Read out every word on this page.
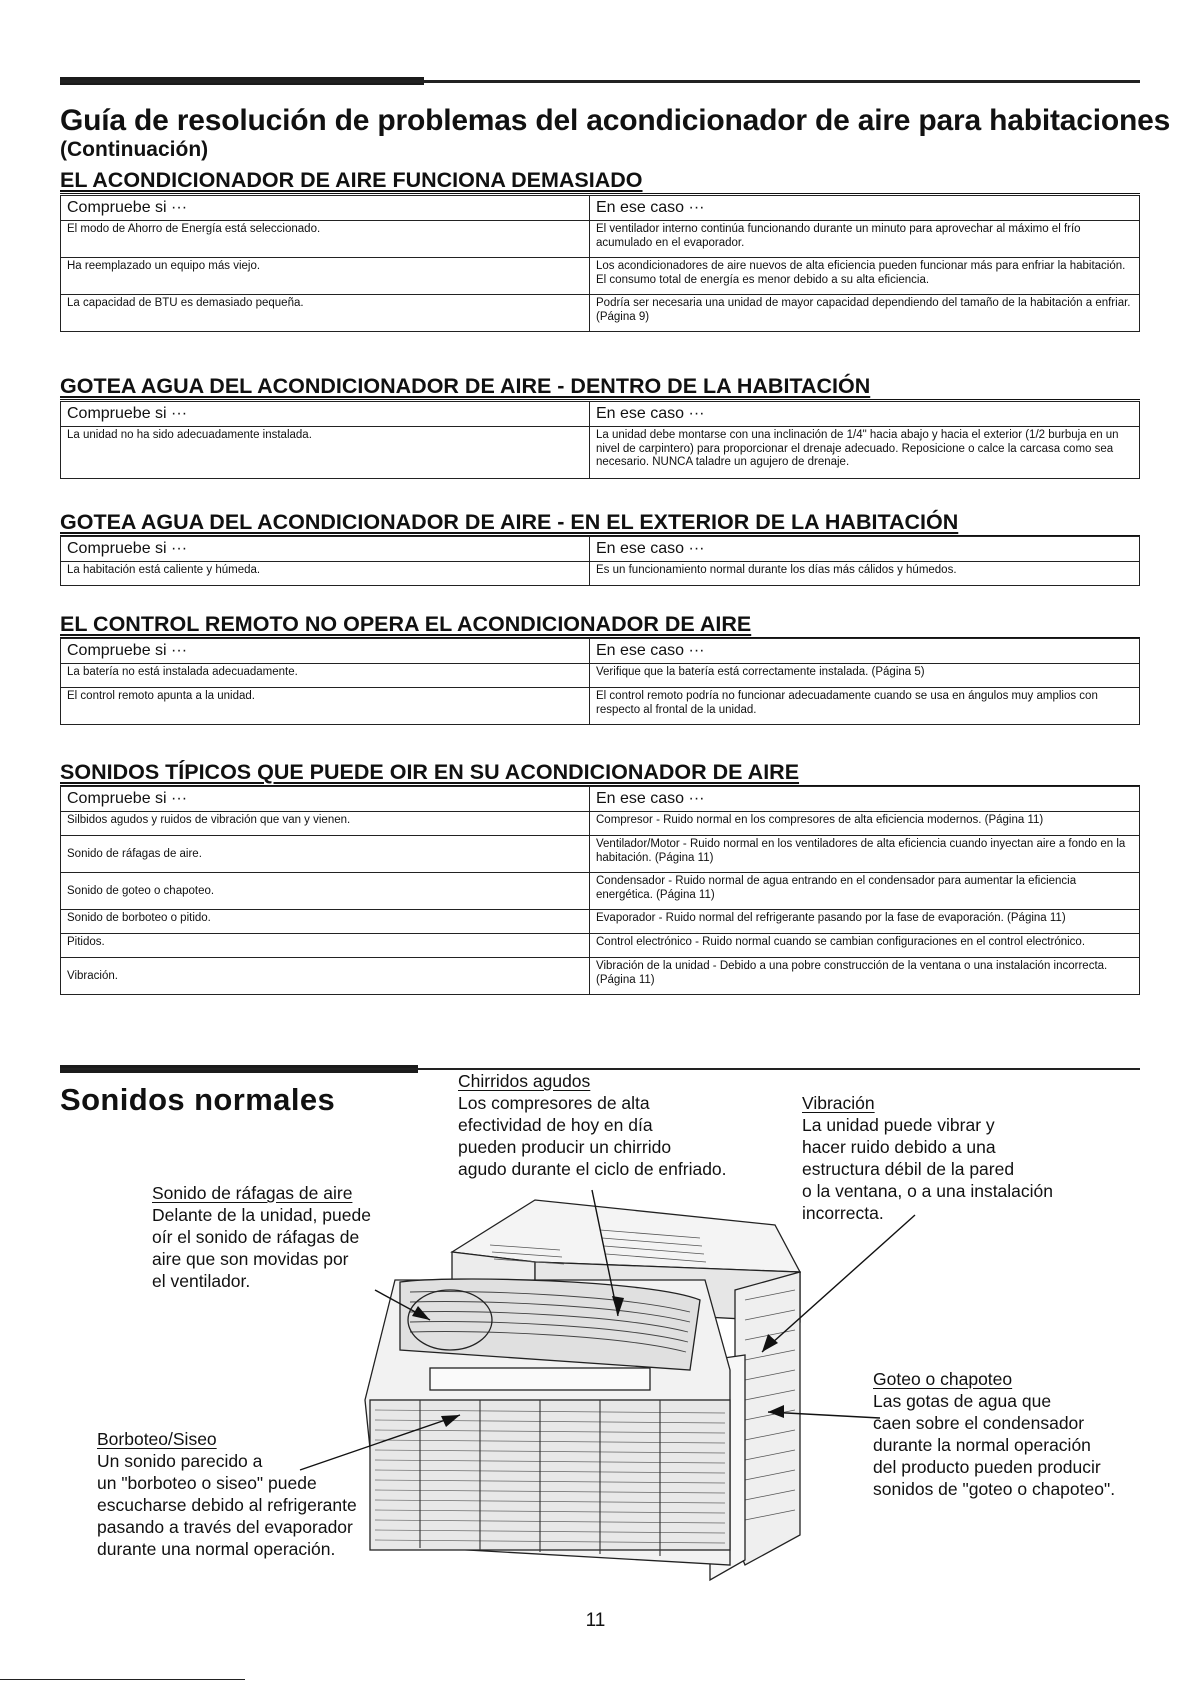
Guía de resolución de problemas del acondicionador de aire para habitaciones
(Continuación)
EL ACONDICIONADOR DE AIRE FUNCIONA DEMASIADO
Compruebe si ···	En ese caso ···
El modo de Ahorro de Energía está seleccionado.	El ventilador interno continúa funcionando durante un minuto para aprovechar al máximo el frío acumulado en el evaporador.
Ha reemplazado un equipo más viejo.	Los acondicionadores de aire nuevos de alta eficiencia pueden funcionar más para enfriar la habitación. El consumo total de energía es menor debido a su alta eficiencia.
La capacidad de BTU es demasiado pequeña.	Podría ser necesaria una unidad de mayor capacidad dependiendo del tamaño de la habitación a enfriar. (Página 9)
GOTEA AGUA DEL ACONDICIONADOR DE AIRE - DENTRO DE LA HABITACIÓN
Compruebe si ···	En ese caso ···
La unidad no ha sido adecuadamente instalada.	La unidad debe montarse con una inclinación de 1/4" hacia abajo y hacia el exterior (1/2 burbuja en un nivel de carpintero) para proporcionar el drenaje adecuado. Reposicione o calce la carcasa como sea necesario. NUNCA taladre un agujero de drenaje.
GOTEA AGUA DEL ACONDICIONADOR DE AIRE - EN EL EXTERIOR DE LA HABITACIÓN
Compruebe si ···	En ese caso ···
La habitación está caliente y húmeda.	Es un funcionamiento normal durante los días más cálidos y húmedos.
EL CONTROL REMOTO NO OPERA EL ACONDICIONADOR DE AIRE
Compruebe si ···	En ese caso ···
La batería no está instalada adecuadamente.	Verifique que la batería está correctamente instalada. (Página 5)
El control remoto apunta a la unidad.	El control remoto podría no funcionar adecuadamente cuando se usa en ángulos muy amplios con respecto al frontal de la unidad.
SONIDOS TÍPICOS QUE PUEDE OIR EN SU ACONDICIONADOR DE AIRE
Compruebe si ···	En ese caso ···
Silbidos agudos y ruidos de vibración que van y vienen.	Compresor - Ruido normal en los compresores de alta eficiencia modernos. (Página 11)
Sonido de ráfagas de aire.	Ventilador/Motor - Ruido normal en los ventiladores de alta eficiencia cuando inyectan aire a fondo en la habitación. (Página 11)
Sonido de goteo o chapoteo.	Condensador - Ruido normal de agua entrando en el condensador para aumentar la eficiencia energética. (Página 11)
Sonido de borboteo o pitido.	Evaporador - Ruido normal del refrigerante pasando por la fase de evaporación. (Página 11)
Pitidos.	Control electrónico - Ruido normal cuando se cambian configuraciones en el control electrónico.
Vibración.	Vibración de la unidad - Debido a una pobre construcción de la ventana o una instalación incorrecta. (Página 11)
Sonidos normales
Chirridos agudos
Los compresores de alta
efectividad de hoy en día
pueden producir un chirrido
agudo durante el ciclo de enfriado.
Vibración
La unidad puede vibrar y
hacer ruido debido a una
estructura débil de la pared
o la ventana, o a una instalación
incorrecta.
Sonido de ráfagas de aire
Delante de la unidad, puede
oír el sonido de ráfagas de
aire que son movidas por
el ventilador.
Goteo o chapoteo
Las gotas de agua que
caen sobre el condensador
durante la normal operación
del producto pueden producir
sonidos de "goteo o chapoteo".
Borboteo/Siseo
Un sonido parecido a
un "borboteo o siseo" puede
escucharse debido al refrigerante
pasando a través del evaporador
durante una normal operación.
11
